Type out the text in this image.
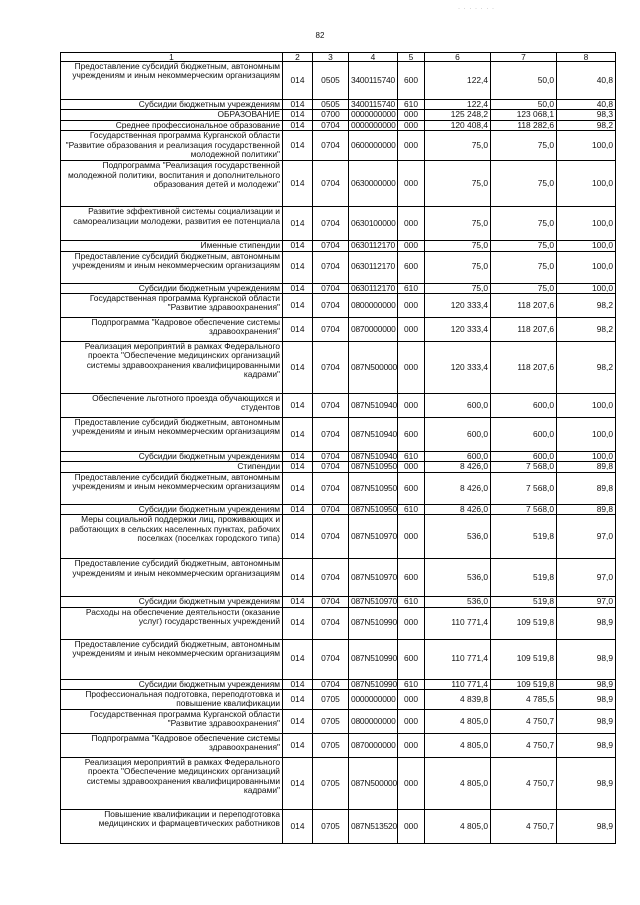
· · · · · · ·
82
1	2	3	4	5	6	7	8
Предоставление субсидий бюджетным, автономным учреждениям и иным некоммерческим организациям	014	0505	3400115740	600	122,4	50,0	40,8
Субсидии бюджетным учреждениям	014	0505	3400115740	610	122,4	50,0	40,8
ОБРАЗОВАНИЕ	014	0700	0000000000	000	125 248,2	123 068,1	98,3
Среднее профессиональное образование	014	0704	0000000000	000	120 408,4	118 282,6	98,2
Государственная программа Курганской области "Развитие образования и реализация государственной молодежной политики"	014	0704	0600000000	000	75,0	75,0	100,0
Подпрограмма "Реализация государственной молодежной политики, воспитания и дополнительного образования детей и молодежи"	014	0704	0630000000	000	75,0	75,0	100,0
Развитие эффективной системы социализации и самореализации молодежи, развития ее потенциала	014	0704	0630100000	000	75,0	75,0	100,0
Именные стипендии	014	0704	0630112170	000	75,0	75,0	100,0
Предоставление субсидий бюджетным, автономным учреждениям и иным некоммерческим организациям	014	0704	0630112170	600	75,0	75,0	100,0
Субсидии бюджетным учреждениям	014	0704	0630112170	610	75,0	75,0	100,0
Государственная программа Курганской области "Развитие здравоохранения"	014	0704	0800000000	000	120 333,4	118 207,6	98,2
Подпрограмма "Кадровое обеспечение системы здравоохранения"	014	0704	0870000000	000	120 333,4	118 207,6	98,2
Реализация мероприятий в рамках Федерального проекта "Обеспечение медицинских организаций системы здравоохранения квалифицированными кадрами"	014	0704	087N500000	000	120 333,4	118 207,6	98,2
Обеспечение льготного проезда обучающихся и студентов	014	0704	087N510940	000	600,0	600,0	100,0
Предоставление субсидий бюджетным, автономным учреждениям и иным некоммерческим организациям	014	0704	087N510940	600	600,0	600,0	100,0
Субсидии бюджетным учреждениям	014	0704	087N510940	610	600,0	600,0	100,0
Стипендии	014	0704	087N510950	000	8 426,0	7 568,0	89,8
Предоставление субсидий бюджетным, автономным учреждениям и иным некоммерческим организациям	014	0704	087N510950	600	8 426,0	7 568,0	89,8
Субсидии бюджетным учреждениям	014	0704	087N510950	610	8 426,0	7 568,0	89,8
Меры социальной поддержки лиц, проживающих и работающих в сельских населенных пунктах, рабочих поселках (поселках городского типа)	014	0704	087N510970	000	536,0	519,8	97,0
Предоставление субсидий бюджетным, автономным учреждениям и иным некоммерческим организациям	014	0704	087N510970	600	536,0	519,8	97,0
Субсидии бюджетным учреждениям	014	0704	087N510970	610	536,0	519,8	97,0
Расходы на обеспечение деятельности (оказание услуг) государственных учреждений	014	0704	087N510990	000	110 771,4	109 519,8	98,9
Предоставление субсидий бюджетным, автономным учреждениям и иным некоммерческим организациям	014	0704	087N510990	600	110 771,4	109 519,8	98,9
Субсидии бюджетным учреждениям	014	0704	087N510990	610	110 771,4	109 519,8	98,9
Профессиональная подготовка, переподготовка и повышение квалификации	014	0705	0000000000	000	4 839,8	4 785,5	98,9
Государственная программа Курганской области "Развитие здравоохранения"	014	0705	0800000000	000	4 805,0	4 750,7	98,9
Подпрограмма "Кадровое обеспечение системы здравоохранения"	014	0705	0870000000	000	4 805,0	4 750,7	98,9
Реализация мероприятий в рамках Федерального проекта "Обеспечение медицинских организаций системы здравоохранения квалифицированными кадрами"	014	0705	087N500000	000	4 805,0	4 750,7	98,9
Повышение квалификации и переподготовка медицинских и фармацевтических работников	014	0705	087N513520	000	4 805,0	4 750,7	98,9
